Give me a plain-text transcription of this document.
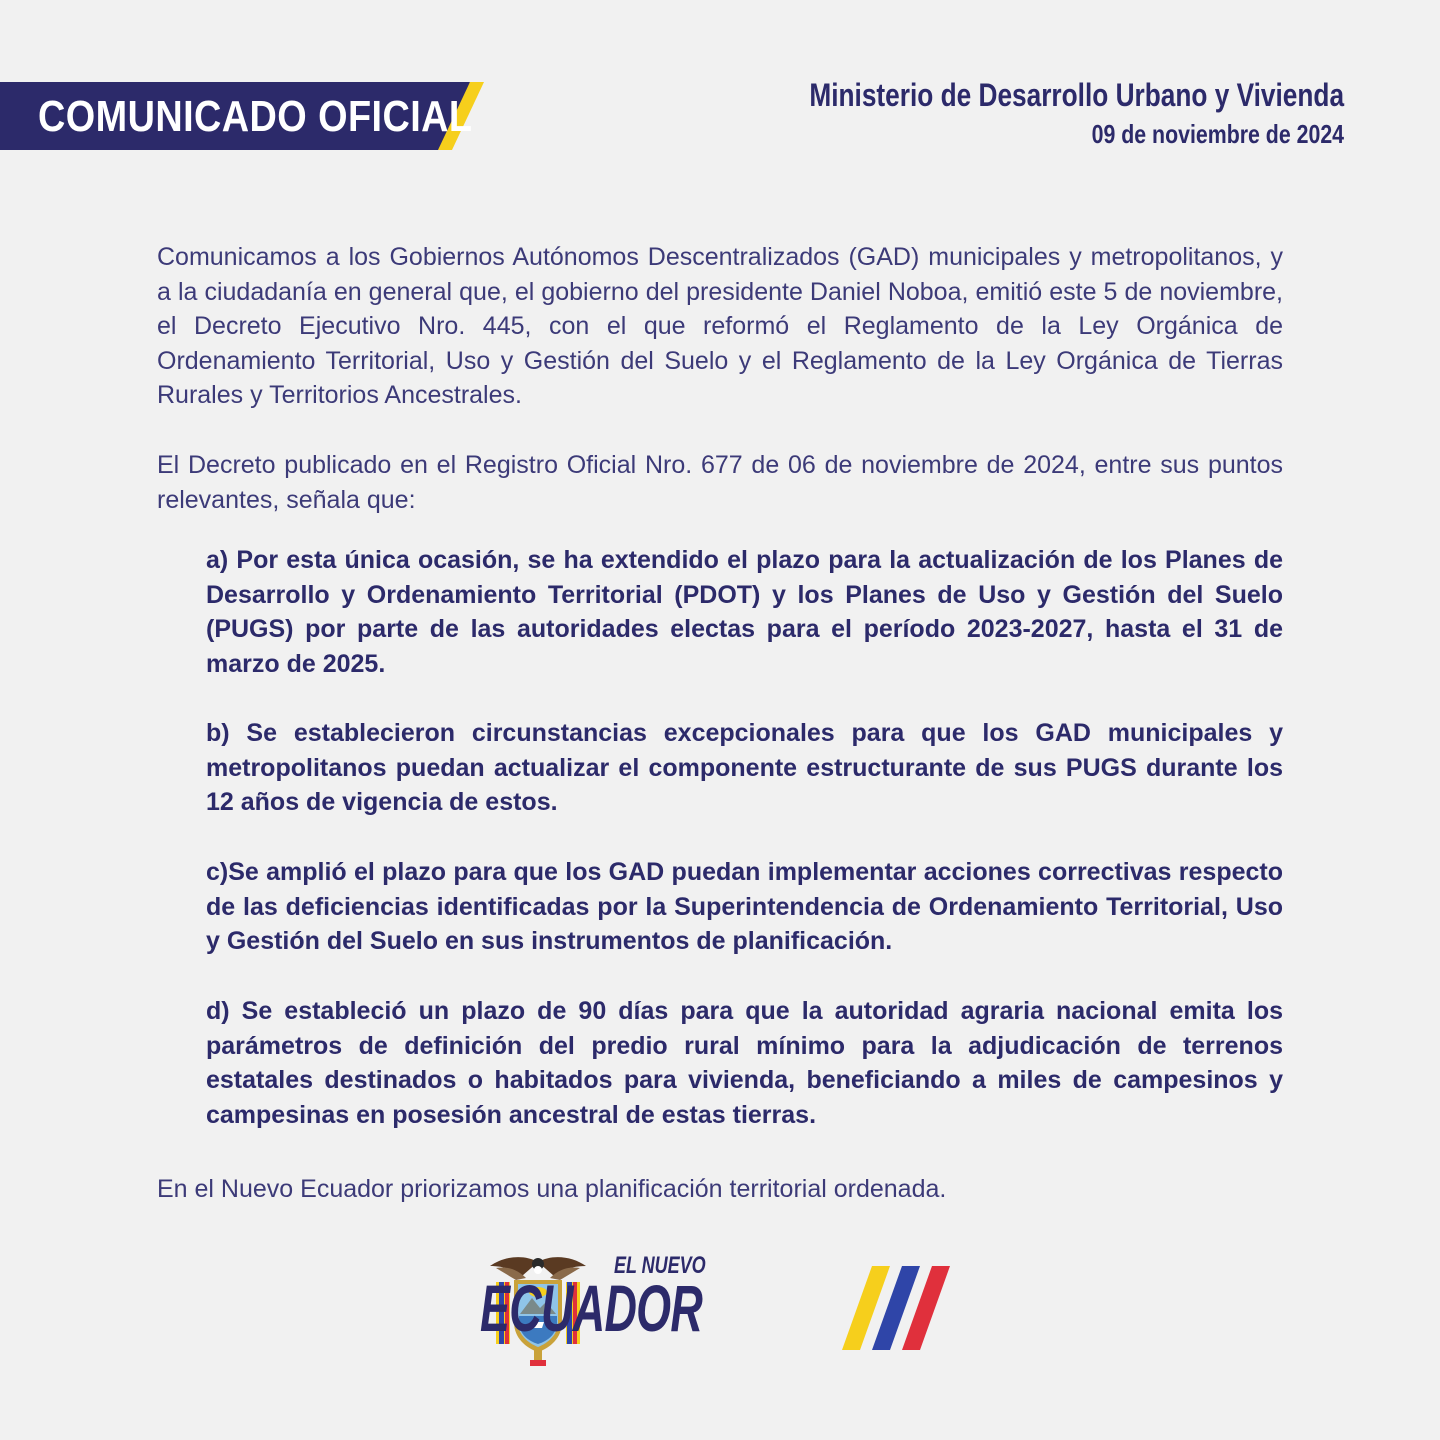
COMUNICADO OFICIAL	Ministerio de Desarrollo Urbano y Vivienda
09 de noviembre de 2024

Comunicamos a los Gobiernos Autónomos Descentralizados (GAD) municipales y metropolitanos, y a la ciudadanía en general que, el gobierno del presidente Daniel Noboa, emitió este 5 de noviembre, el Decreto Ejecutivo Nro. 445, con el que reformó el Reglamento de la Ley Orgánica de Ordenamiento Territorial, Uso y Gestión del Suelo y el Reglamento de la Ley Orgánica de Tierras Rurales y Territorios Ancestrales.

El Decreto publicado en el Registro Oficial Nro. 677 de 06 de noviembre de 2024, entre sus puntos relevantes, señala que:

a) Por esta única ocasión, se ha extendido el plazo para la actualización de los Planes de Desarrollo y Ordenamiento Territorial (PDOT) y los Planes de Uso y Gestión del Suelo (PUGS) por parte de las autoridades electas para el período 2023-2027, hasta el 31 de marzo de 2025.

b) Se establecieron circunstancias excepcionales para que los GAD municipales y metropolitanos puedan actualizar el componente estructurante de sus PUGS durante los 12 años de vigencia de estos.

c)Se amplió el plazo para que los GAD puedan implementar acciones correctivas respecto de las deficiencias identificadas por la Superintendencia de Ordenamiento Territorial, Uso y Gestión del Suelo en sus instrumentos de planificación.

d) Se estableció un plazo de 90 días para que la autoridad agraria nacional emita los parámetros de definición del predio rural mínimo para la adjudicación de terrenos estatales destinados o habitados para vivienda, beneficiando a miles de campesinos y campesinas en posesión ancestral de estas tierras.

En el Nuevo Ecuador priorizamos una planificación territorial ordenada.

EL NUEVO
ECUADOR
